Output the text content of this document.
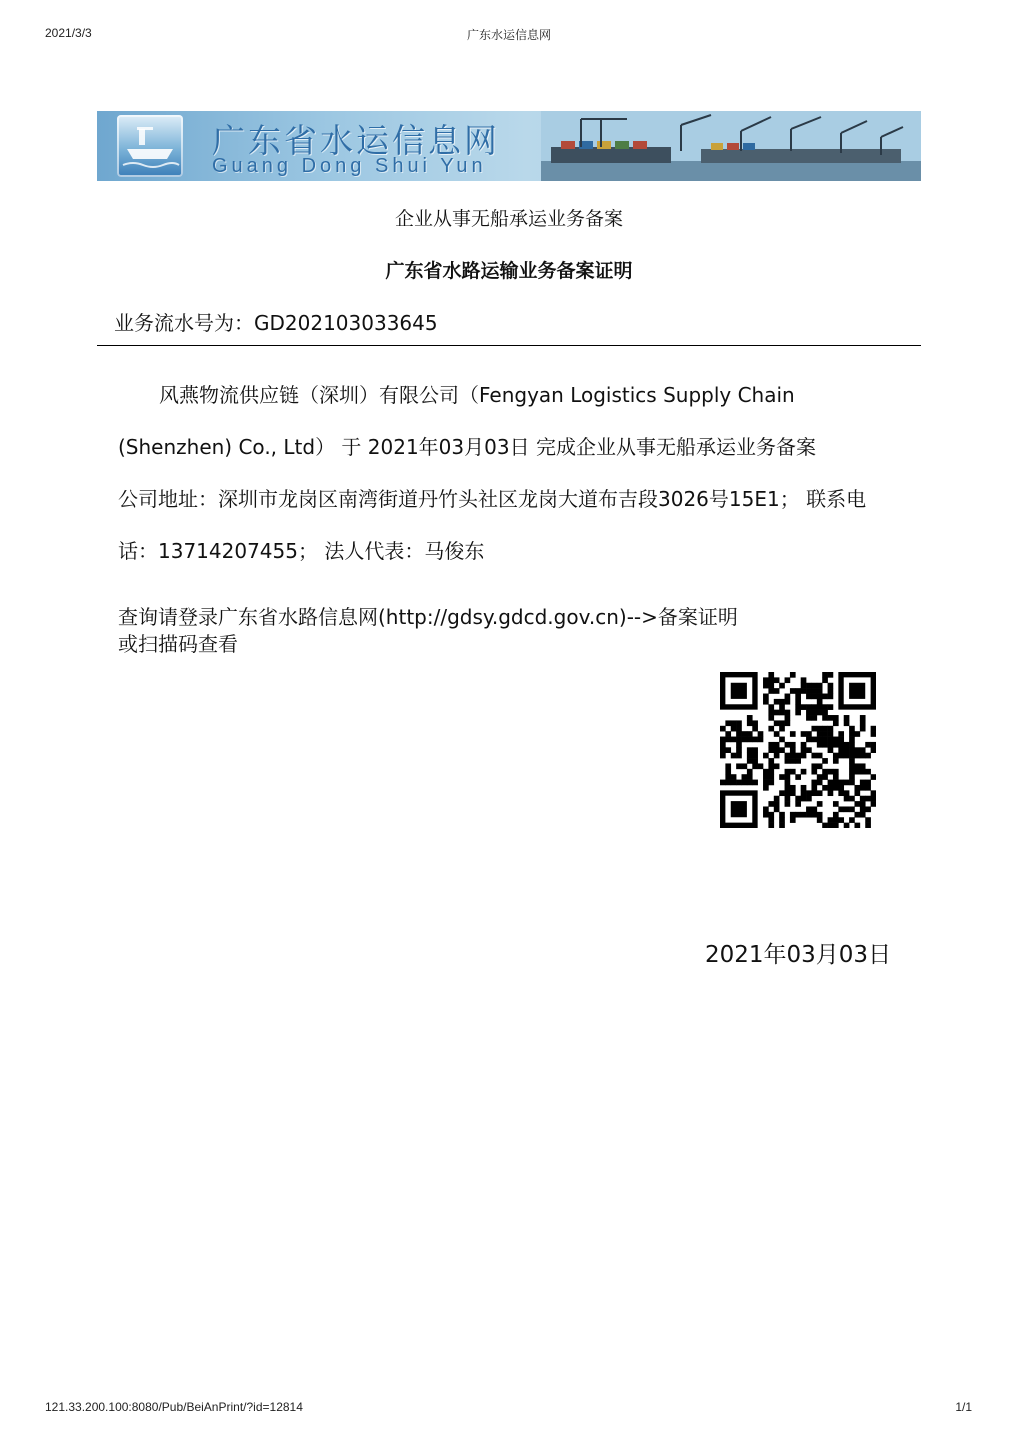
2021/3/3	广东水运信息网
广东省水运信息网
Guang Dong Shui Yun
企业从事无船承运业务备案
广东省水路运输业务备案证明
业务流水号为：GD202103033645
风燕物流供应链（深圳）有限公司（Fengyan Logistics Supply Chain
(Shenzhen) Co., Ltd） 于 2021年03月03日 完成企业从事无船承运业务备案
公司地址：深圳市龙岗区南湾街道丹竹头社区龙岗大道布吉段3026号15E1； 联系电
话：13714207455； 法人代表：马俊东
查询请登录广东省水路信息网(http://gdsy.gdcd.gov.cn)-->备案证明
或扫描码查看
2021年03月03日
121.33.200.100:8080/Pub/BeiAnPrint/?id=12814	1/1
